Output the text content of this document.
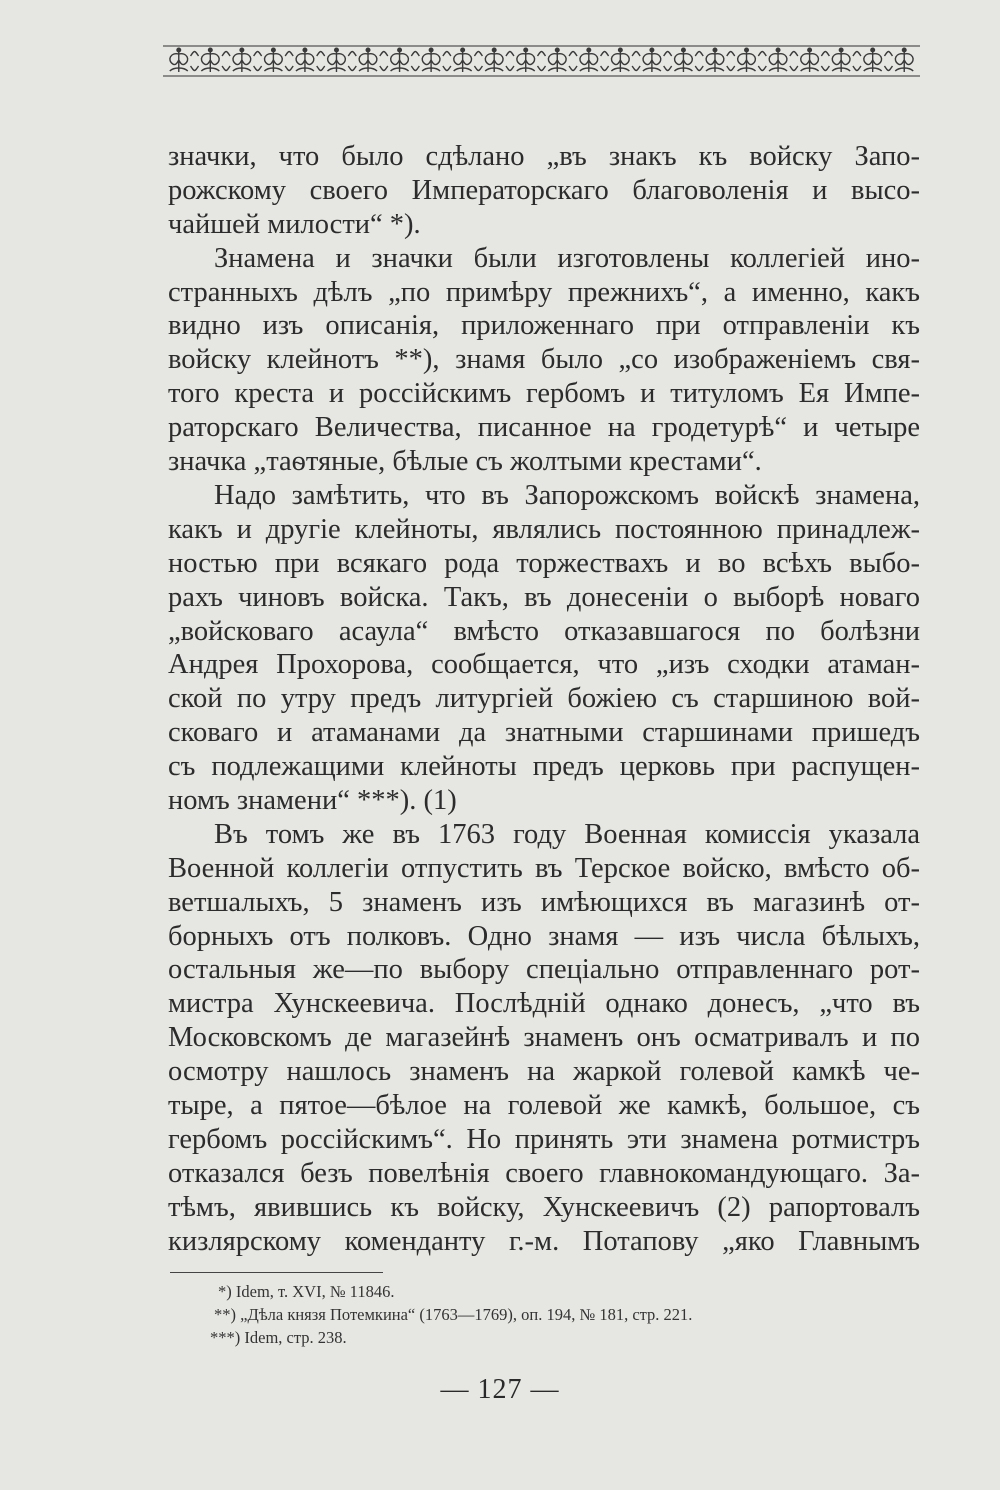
значки, что было сдѣлано „въ знакъ къ войску Запо-
рожскому своего Императорскаго благоволенія и высо-
чайшей милости“ *).
Знамена и значки были изготовлены коллегіей ино-
странныхъ дѣлъ „по примѣру прежнихъ“, а именно, какъ
видно изъ описанія, приложеннаго при отправленіи къ
войску клейнотъ **), знамя было „со изображеніемъ свя-
того креста и россійскимъ гербомъ и титуломъ Ея Импе-
раторскаго Величества, писанное на гродетурѣ“ и четыре
значка „таѳтяные, бѣлые съ жолтыми крестами“.
Надо замѣтить, что въ Запорожскомъ войскѣ знамена,
какъ и другіе клейноты, являлись постоянною принадлеж-
ностью при всякаго рода торжествахъ и во всѣхъ выбо-
рахъ чиновъ войска. Такъ, въ донесеніи о выборѣ новаго
„войсковаго асаула“ вмѣсто отказавшагося по болѣзни
Андрея Прохорова, сообщается, что „изъ сходки атаман-
ской по утру предъ литургіей божіею съ старшиною вой-
сковаго и атаманами да знатными старшинами пришедъ
съ подлежащими клейноты предъ церковь при распущен-
номъ знамени“ ***). (1)
Въ томъ же въ 1763 году Военная комиссія указала
Военной коллегіи отпустить въ Терское войско, вмѣсто об-
ветшалыхъ, 5 знаменъ изъ имѣющихся въ магазинѣ от-
борныхъ отъ полковъ. Одно знамя — изъ числа бѣлыхъ,
остальныя же—по выбору спеціально отправленнаго рот-
мистра Хунскеевича. Послѣдній однако донесъ, „что въ
Московскомъ де магазейнѣ знаменъ онъ осматривалъ и по
осмотру нашлось знаменъ на жаркой голевой камкѣ че-
тыре, а пятое—бѣлое на голевой же камкѣ, большое, съ
гербомъ россійскимъ“. Но принять эти знамена ротмистръ
отказался безъ повелѣнія своего главнокомандующаго. За-
тѣмъ, явившись къ войску, Хунскеевичъ (2) рапортовалъ
кизлярскому коменданту г.-м. Потапову „яко Главнымъ
*) Idem, т. XVI, № 11846.
**) „Дѣла князя Потемкина“ (1763—1769), оп. 194, № 181, стр. 221.
***) Idem, стр. 238.
— 127 —
